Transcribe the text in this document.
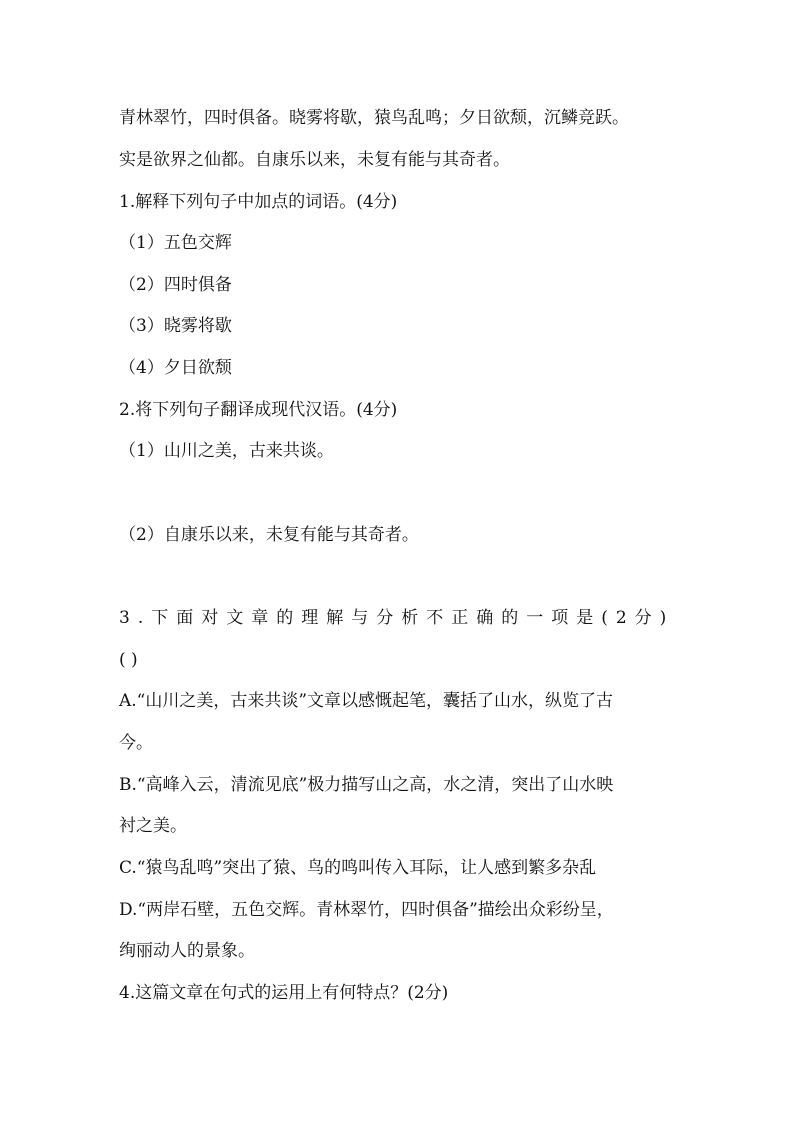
青林翠竹，四时俱备。晓雾将歇，猿鸟乱鸣；夕日欲颓，沉鳞竞跃。
实是欲界之仙都。自康乐以来，未复有能与其奇者。
1.解释下列句子中加点的词语。(4分)
（1）五色交辉
（2）四时俱备
（3）晓雾将歇
（4）夕日欲颓
2.将下列句子翻译成现代汉语。(4分)
（1）山川之美，古来共谈。
（2）自康乐以来，未复有能与其奇者。
3.下面对文章的理解与分析不正确的一项是(2分)
( )
A.“山川之美，古来共谈”文章以感慨起笔，囊括了山水，纵览了古
今。
B.“高峰入云，清流见底”极力描写山之高，水之清，突出了山水映
衬之美。
C.“猿鸟乱鸣”突出了猿、鸟的鸣叫传入耳际，让人感到繁多杂乱
D.“两岸石壁，五色交辉。青林翠竹，四时俱备”描绘出众彩纷呈，
绚丽动人的景象。
4.这篇文章在句式的运用上有何特点？(2分)
